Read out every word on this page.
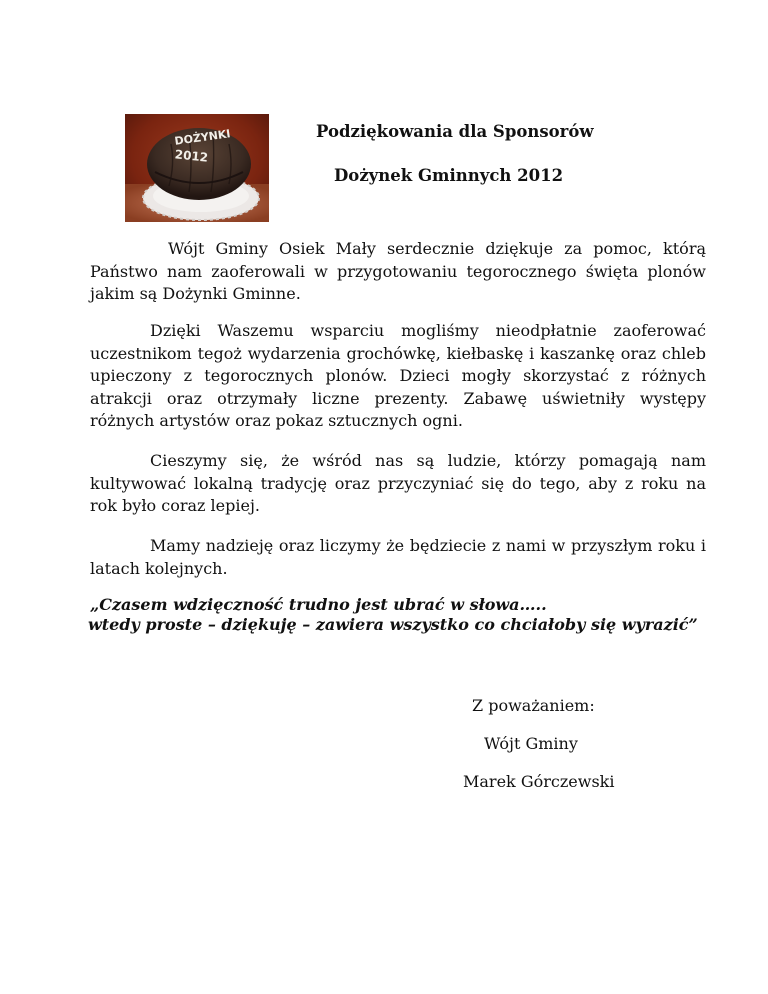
DOŻYNKI
2012
Podziękowania dla Sponsorów
Dożynek Gminnych 2012

Wójt Gminy Osiek Mały serdecznie dziękuje za pomoc, którą Państwo nam zaoferowali w przygotowaniu tegorocznego święta plonów jakim są Dożynki Gminne.

Dzięki Waszemu wsparciu mogliśmy nieodpłatnie zaoferować uczestnikom tegoż wydarzenia grochówkę, kiełbaskę i kaszankę oraz chleb upieczony z tegorocznych plonów. Dzieci mogły skorzystać z różnych atrakcji oraz otrzymały liczne prezenty. Zabawę uświetniły występy różnych artystów oraz pokaz sztucznych ogni.

Cieszymy się, że wśród nas są ludzie, którzy pomagają nam kultywować lokalną tradycję oraz przyczyniać się do tego, aby z roku na rok było coraz lepiej.

Mamy nadzieję oraz liczymy że będziecie z nami w przyszłym roku i latach kolejnych.

„Czasem wdzięczność trudno jest ubrać w słowa…..
wtedy proste – dziękuję – zawiera wszystko co chciałoby się wyrazić”
Z poważaniem:
Wójt Gminy
Marek Górczewski
